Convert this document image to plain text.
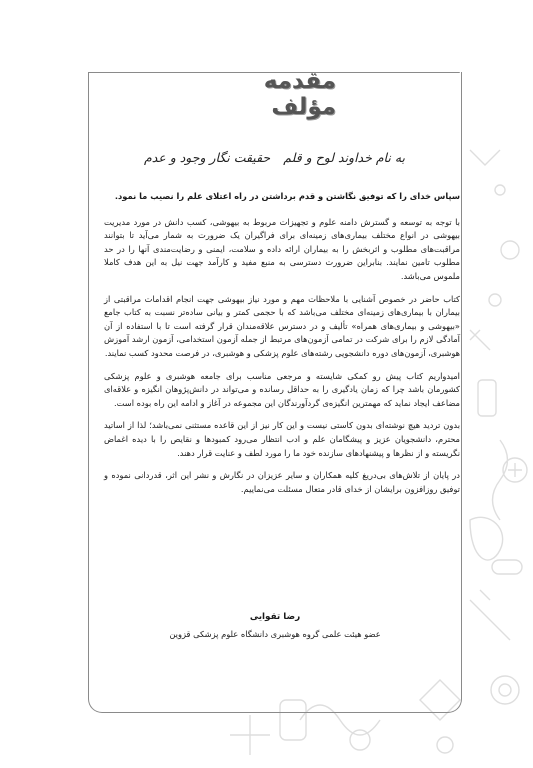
مقدمه مؤلف
به نام خداوند لوح و قلم
حقیقت نگار وجود و عدم

سپاس خدای را که توفیق نگاشتن و قدم برداشتن در راه اعتلای علم را نصیب ما نمود.

با توجه به توسعه و گسترش دامنه علوم و تجهیزات مربوط به بیهوشی، کسب دانش در مورد مدیریت بیهوشی در انواع مختلف بیماری‌های زمینه‌ای برای فراگیران یک ضرورت به شمار می‌آید تا بتوانند مراقبت‌های مطلوب و اثربخش را به بیماران ارائه داده و سلامت، ایمنی و رضایت‌مندی آنها را در حد مطلوب تامین نمایند. بنابراین ضرورت دسترسی به منبع مفید و کارآمد جهت نیل به این هدف کاملا ملموس می‌باشد.

کتاب حاضر در خصوص آشنایی با ملاحظات مهم و مورد نیاز بیهوشی جهت انجام اقدامات مراقبتی از بیماران با بیماری‌های زمینه‌ای مختلف می‌باشد که با حجمی کمتر و بیانی ساده‌تر نسبت به کتاب جامع «بیهوشی و بیماری‌های همراه» تألیف و در دسترس علاقه‌مندان قرار گرفته است تا با استفاده از آن آمادگی لازم را برای شرکت در تمامی آزمون‌های مرتبط از جمله آزمون استخدامی، آزمون ارشد آموزش هوشبری، آزمون‌های دوره دانشجویی رشته‌های علوم پزشکی و هوشبری، در فرصت محدود کسب نمایند.

امیدواریم کتاب پیش رو کمکی شایسته و مرجعی مناسب برای جامعه هوشبری و علوم پزشکی کشورمان باشد چرا که زمان یادگیری را به حداقل رسانده و می‌تواند در دانش‌پژوهان انگیزه و علاقه‌ای مضاعف ایجاد نماید که مهمترین انگیزه‌ی گردآورندگان این مجموعه در آغاز و ادامه این راه بوده است.

بدون تردید هیچ نوشته‌ای بدون کاستی نیست و این کار نیز از این قاعده مستثنی نمی‌باشد؛ لذا از اساتید محترم، دانشجویان عزیز و پیشگامان علم و ادب انتظار می‌رود کمبودها و نقایص را با دیده اغماض نگریسته و از نظرها و پیشنهادهای سازنده خود ما را مورد لطف و عنایت قرار دهند.

در پایان از تلاش‌های بی‌دریغ کلیه همکاران و سایر عزیزان در نگارش و نشر این اثر، قدردانی نموده و توفیق روزافزون برایشان از خدای قادر متعال مسئلت می‌نماییم.

رضا تقوایی
عضو هیئت علمی گروه هوشبری دانشگاه علوم پزشکی قزوین
